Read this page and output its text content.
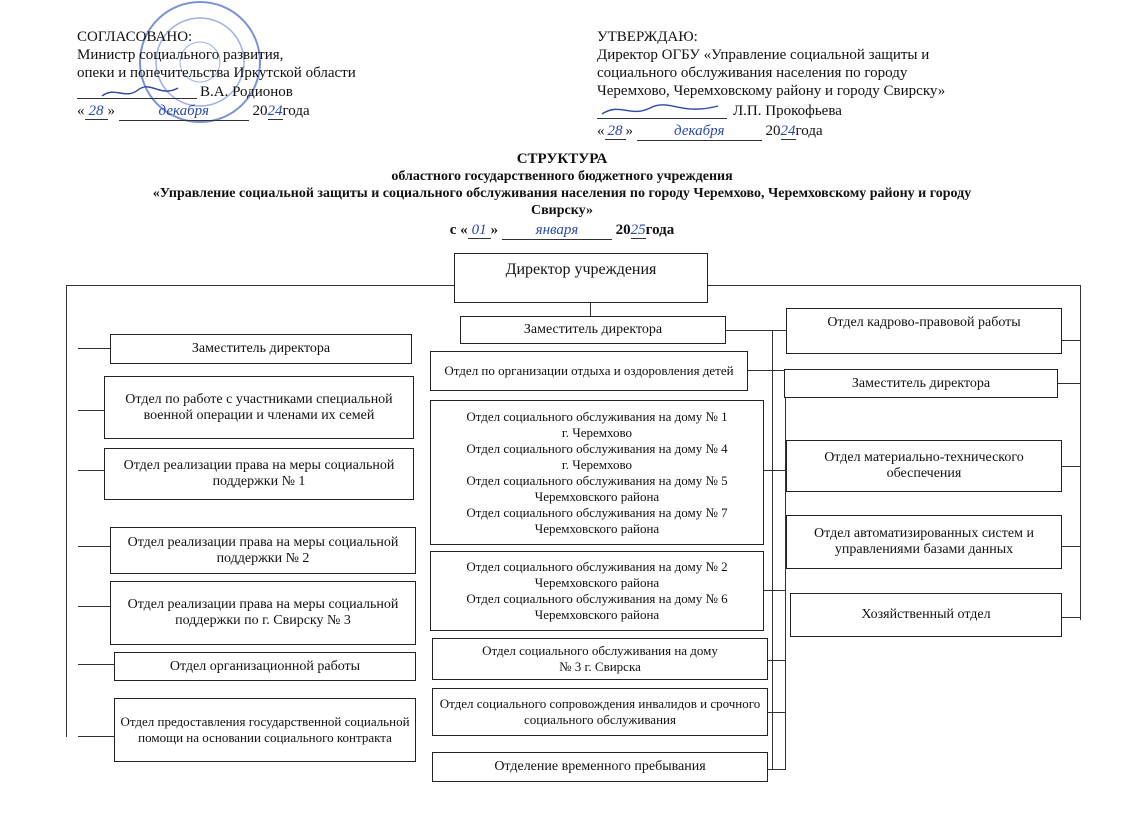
СОГЛАСОВАНО:
Министр социального развития,
опеки и попечительства Иркутской области
В.А. Родионов
« 28 »	декабря	2024года
УТВЕРЖДАЮ:
Директор ОГБУ «Управление социальной защиты и
социального обслуживания населения по городу
Черемхово, Черемховскому району и городу Свирску»
Л.П. Прокофьева
« 28 »	декабря	2024года
СТРУКТУРА
областного государственного бюджетного учреждения
«Управление социальной защиты и социального обслуживания населения по городу Черемхово, Черемховскому району и городу
Свирску»
с « 01 » января 2025года
Директор учреждения
Заместитель директора
Отдел по работе с участниками специальной военной операции и членами их семей
Отдел реализации права на меры социальной поддержки № 1
Отдел реализации права на меры социальной поддержки № 2
Отдел реализации права на меры социальной поддержки по г. Свирску № 3
Отдел организационной работы
Отдел предоставления государственной социальной помощи на основании социального контракта
Заместитель директора
Отдел по организации отдыха и оздоровления детей
Отдел социального обслуживания на дому № 1
г. Черемхово
Отдел социального обслуживания на дому № 4
г. Черемхово
Отдел социального обслуживания на дому № 5
Черемховского района
Отдел социального обслуживания на дому № 7
Черемховского района
Отдел социального обслуживания на дому № 2
Черемховского района
Отдел социального обслуживания на дому № 6
Черемховского района
Отдел социального обслуживания на дому
№ 3 г. Свирска
Отдел социального сопровождения инвалидов и срочного социального обслуживания
Отделение временного пребывания
Отдел кадрово-правовой работы
Заместитель директора
Отдел материально-технического обеспечения
Отдел автоматизированных систем и управлениями базами данных
Хозяйственный отдел
